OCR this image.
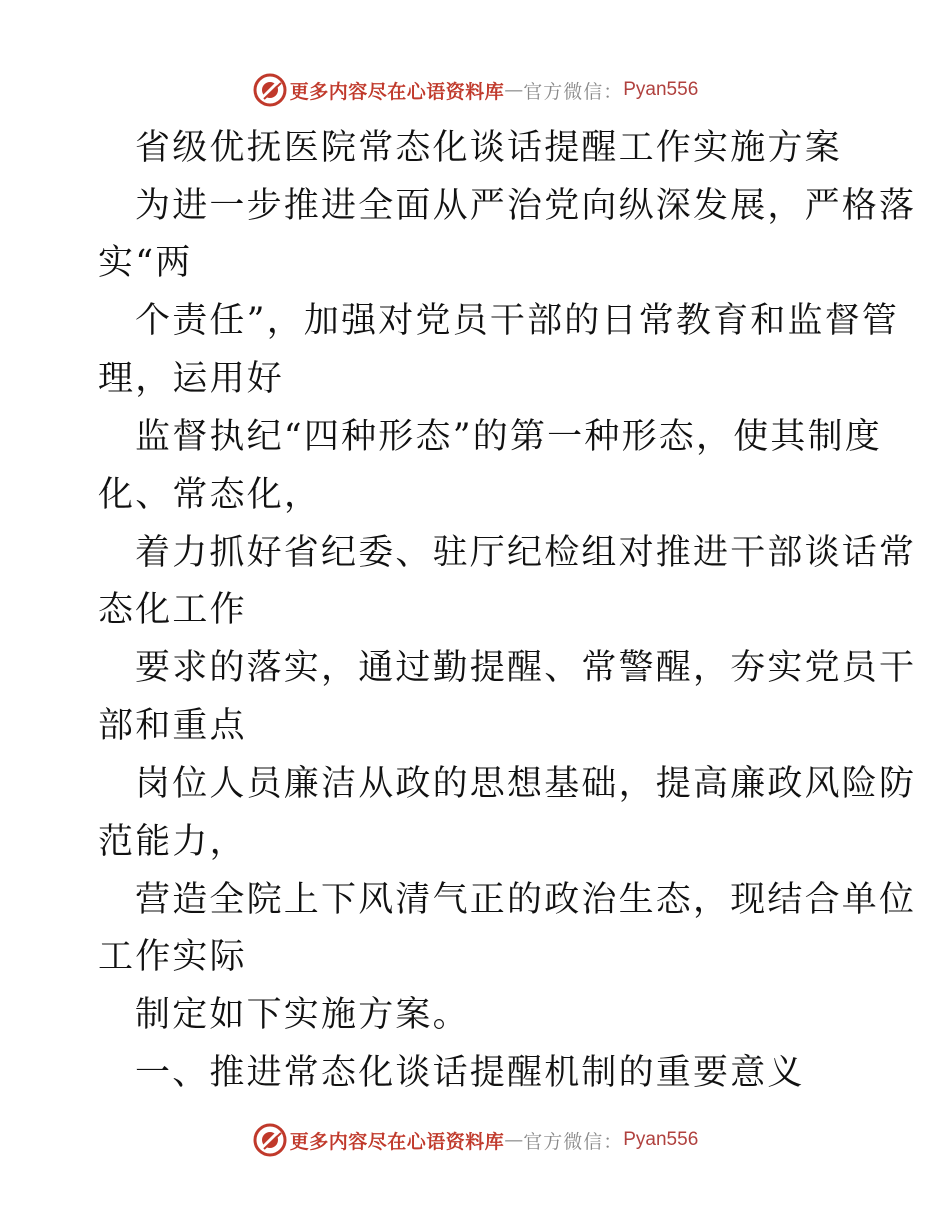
更多内容尽在心语资料库 — 官方微信： Pyan556

省级优抚医院常态化谈话提醒工作实施方案

为进一步推进全面从严治党向纵深发展，严格落

实“两

个责任”，加强对党员干部的日常教育和监督管

理，运用好

监督执纪“四种形态”的第一种形态，使其制度

化、常态化，

着力抓好省纪委、驻厅纪检组对推进干部谈话常

态化工作

要求的落实，通过勤提醒、常警醒，夯实党员干

部和重点

岗位人员廉洁从政的思想基础，提高廉政风险防

范能力，

营造全院上下风清气正的政治生态，现结合单位

工作实际

制定如下实施方案。

一、推进常态化谈话提醒机制的重要意义

更多内容尽在心语资料库 — 官方微信： Pyan556
